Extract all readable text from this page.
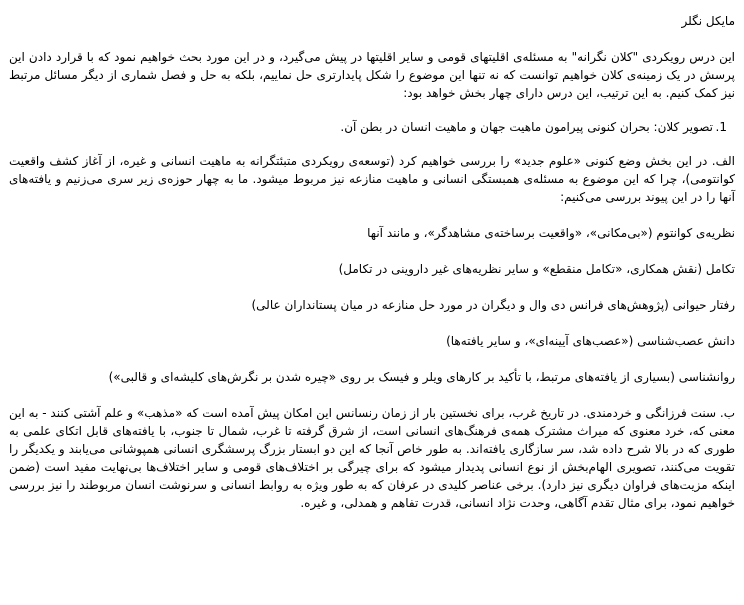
مایکل نگلر

این درس رویکردی "کلان نگرانه" به مسئله‌ی اقلیتهای قومی و سایر اقلیتها در پیش می‌گیرد، و در این مورد بحث خواهیم نمود که با قرارد دادن این پرسش در یک زمینه‌ی کلان خواهیم توانست که نه تنها این موضوع را شکل پایدارتری حل نماییم، بلکه به حل و فصل شماری از دیگر مسائل مرتبط نیز کمک کنیم. به این ترتیب، این درس دارای چهار بخش خواهد بود:

1.
تصویر کلان: بحران کنونی پیرامون ماهیت جهان و ماهیت انسان در بطن آن.

الف. در این بخش وضع کنونی «علوم جدید» را بررسی خواهیم کرد (توسعه‌ی رویکردی متبئتگرانه به ماهیت انسانی و غیره، از آغاز کشف واقعیت کوانتومی)، چرا که این موضوع به مسئله‌ی همبستگی انسانی و ماهیت منازعه نیز مربوط میشود. ما به چهار حوزه‌ی زیر سری می‌زنیم و یافته‌های آنها را در این پیوند بررسی می‌کنیم:

نظریه‌ی کوانتوم («بی‌مکانی»، «واقعیت برساخته‌ی مشاهدگر»، و مانند آنها

تکامل (نقش همکاری، «تکامل منقطع» و سایر نظریه‌های غیر داروینی در تکامل)

رفتار حیوانی (پژوهش‌های فرانس دی وال و دیگران در مورد حل منازعه در میان پستانداران عالی)

دانش عصب‌شناسی («عصب‌های آیینه‌ای»، و سایر یافته‌ها)

روانشناسی (بسیاری از یافته‌های مرتبط، با تأکید بر کارهای ویلر و فیسک بر روی «چیره شدن بر نگرش‌های کلیشه‌ای و قالبی»)

ب. سنت فرزانگی و خردمندی. در تاریخ غرب، برای نخستین بار از زمان رنسانس این امکان پیش آمده است که «مذهب» و علم آشتی کنند - به این معنی که، خرد معنوی که میراث مشترک همه‌ی فرهنگ‌های انسانی است، از شرق گرفته تا غرب، شمال تا جنوب، با یافته‌های قابل اتکای علمی به طوری که در بالا شرح داده شد، سر سازگاری یافته‌اند. به طور خاص آنجا که این دو ابستار بزرگ پرسشگری انسانی همپوشانی می‌یابند و یکدیگر را تقویت می‌کنند، تصویری الهام‌بخش از نوع انسانی پدیدار میشود که برای چیرگی بر اختلاف‌های قومی و سایر اختلاف‌ها بی‌نهایت مفید است (ضمن اینکه مزیت‌های فراوان دیگری نیز دارد). برخی عناصر کلیدی در عرفان که به طور ویژه به روابط انسانی و سرنوشت انسان مربوطند را نیز بررسی خواهیم نمود، برای مثال تقدم آگاهی، وحدت نژاد انسانی، قدرت تفاهم و همدلی، و غیره.
